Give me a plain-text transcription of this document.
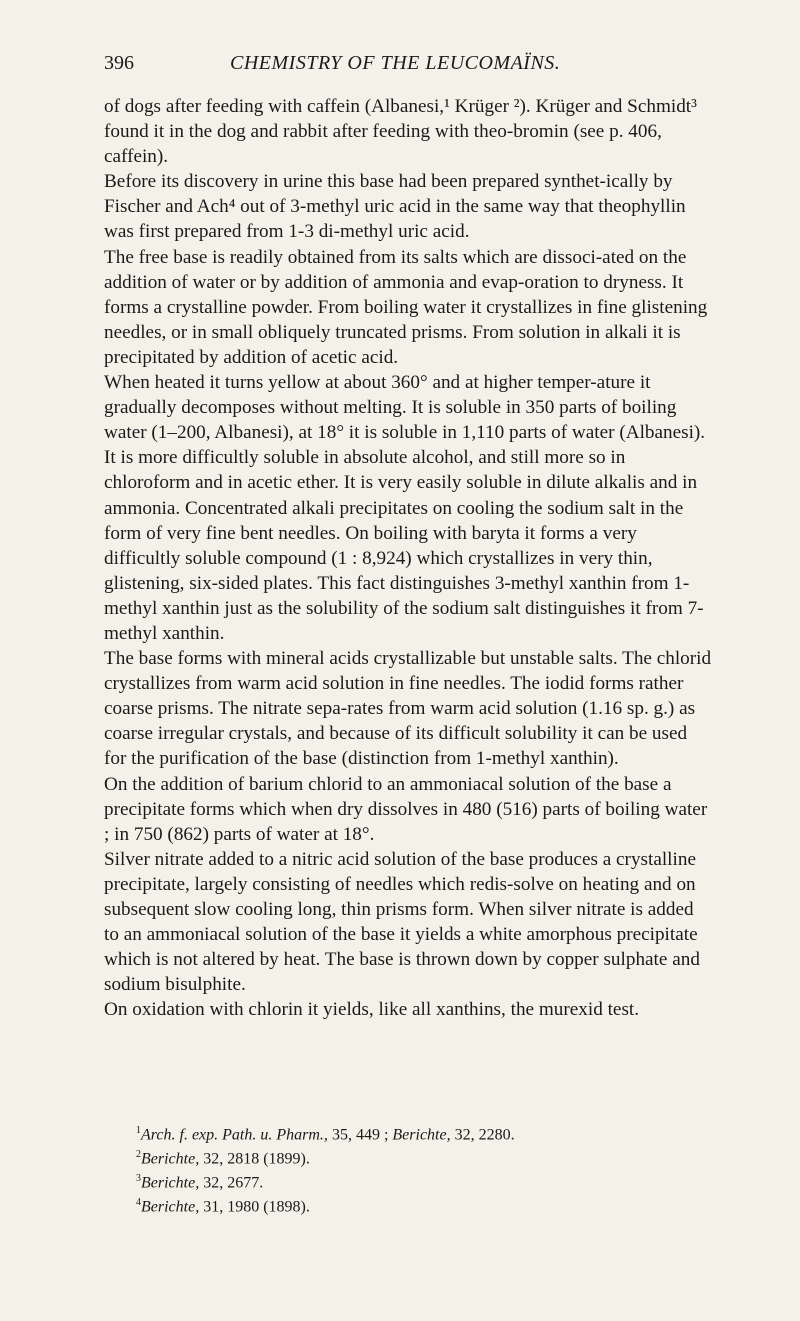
396	CHEMISTRY OF THE LEUCOMAÏNS.

of dogs after feeding with caffein (Albanesi,¹ Krüger ²). Krüger and Schmidt³ found it in the dog and rabbit after feeding with theo-bromin (see p. 406, caffein).

Before its discovery in urine this base had been prepared synthet-ically by Fischer and Ach⁴ out of 3-methyl uric acid in the same way that theophyllin was first prepared from 1-3 di-methyl uric acid.

The free base is readily obtained from its salts which are dissoci-ated on the addition of water or by addition of ammonia and evap-oration to dryness. It forms a crystalline powder. From boiling water it crystallizes in fine glistening needles, or in small obliquely truncated prisms. From solution in alkali it is precipitated by addition of acetic acid.

When heated it turns yellow at about 360° and at higher temper-ature it gradually decomposes without melting. It is soluble in 350 parts of boiling water (1–200, Albanesi), at 18° it is soluble in 1,110 parts of water (Albanesi). It is more difficultly soluble in absolute alcohol, and still more so in chloroform and in acetic ether. It is very easily soluble in dilute alkalis and in ammonia. Concentrated alkali precipitates on cooling the sodium salt in the form of very fine bent needles. On boiling with baryta it forms a very difficultly soluble compound (1 : 8,924) which crystallizes in very thin, glistening, six-sided plates. This fact distinguishes 3-methyl xanthin from 1-methyl xanthin just as the solubility of the sodium salt distinguishes it from 7-methyl xanthin.

The base forms with mineral acids crystallizable but unstable salts. The chlorid crystallizes from warm acid solution in fine needles. The iodid forms rather coarse prisms. The nitrate sepa-rates from warm acid solution (1.16 sp. g.) as coarse irregular crystals, and because of its difficult solubility it can be used for the purification of the base (distinction from 1-methyl xanthin).

On the addition of barium chlorid to an ammoniacal solution of the base a precipitate forms which when dry dissolves in 480 (516) parts of boiling water ; in 750 (862) parts of water at 18°.

Silver nitrate added to a nitric acid solution of the base produces a crystalline precipitate, largely consisting of needles which redis-solve on heating and on subsequent slow cooling long, thin prisms form. When silver nitrate is added to an ammoniacal solution of the base it yields a white amorphous precipitate which is not altered by heat. The base is thrown down by copper sulphate and sodium bisulphite.

On oxidation with chlorin it yields, like all xanthins, the murexid test.

$^1$Arch. f. exp. Path. u. Pharm., 35, 449 ; Berichte, 32, 2280.
$^2$Berichte, 32, 2818 (1899).
$^3$Berichte, 32, 2677.
$^4$Berichte, 31, 1980 (1898).
